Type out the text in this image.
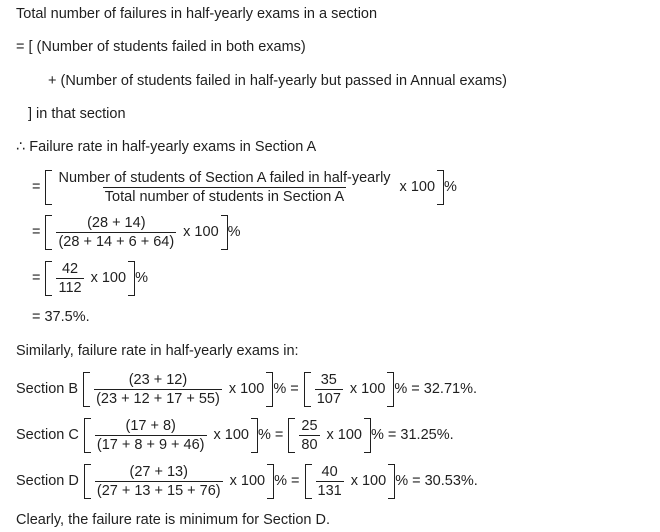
Total number of failures in half-yearly exams in a section
= [ (Number of students failed in both exams)
+ (Number of students failed in half-yearly but passed in Annual exams)
] in that section
∴ Failure rate in half-yearly exams in Section A
= $\frac{\text{Number of students of Section A failed in half-yearly}}{\text{Total number of students in Section A}}$ x 100 %
= $\frac{(28 + 14)}{(28 + 14 + 6 + 64)}$ x 100 %
= $\frac{42}{112}$ x 100 %
= 37.5%.
Similarly, failure rate in half-yearly exams in:
Section B $\frac{(23 + 12)}{(23 + 12 + 17 + 55)}$ x 100 % = $\frac{35}{107}$ x 100 % = 32.71%.
Section C $\frac{(17 + 8)}{(17 + 8 + 9 + 46)}$ x 100 % = $\frac{25}{80}$ x 100 % = 31.25%.
Section D $\frac{(27 + 13)}{(27 + 13 + 15 + 76)}$ x 100 % = $\frac{40}{131}$ x 100 % = 30.53%.
Clearly, the failure rate is minimum for Section D.
